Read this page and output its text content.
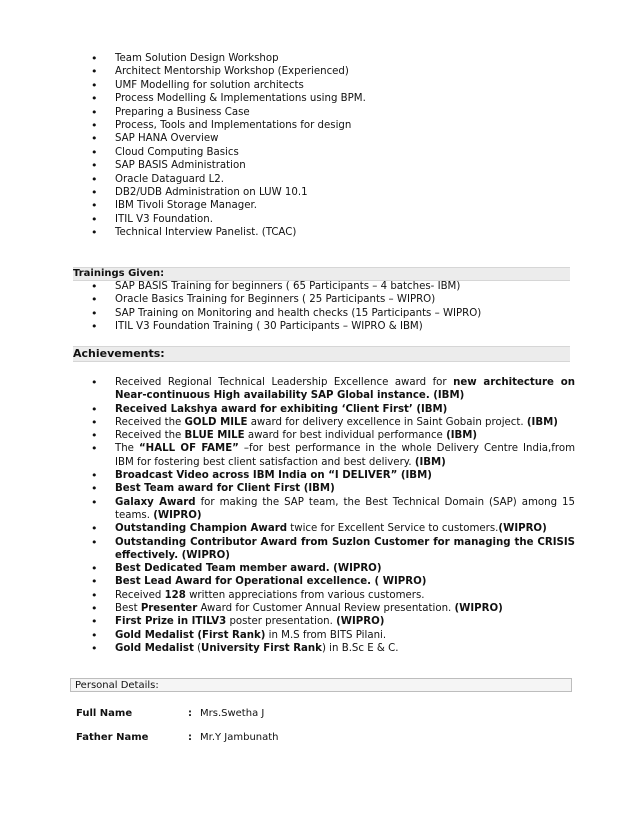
• Team Solution Design Workshop
• Architect Mentorship Workshop (Experienced)
• UMF Modelling for solution architects
• Process Modelling & Implementations using BPM.
• Preparing a Business Case
• Process, Tools and Implementations for design
• SAP HANA Overview
• Cloud Computing Basics
• SAP BASIS Administration
• Oracle Dataguard L2.
• DB2/UDB Administration on LUW 10.1
• IBM Tivoli Storage Manager.
• ITIL V3 Foundation.
• Technical Interview Panelist. (TCAC)
Trainings Given:
• SAP BASIS Training for beginners ( 65 Participants – 4 batches- IBM)
• Oracle Basics Training for Beginners ( 25 Participants – WIPRO)
• SAP Training on Monitoring and health checks (15 Participants – WIPRO)
• ITIL V3 Foundation Training ( 30 Participants – WIPRO & IBM)
Achievements:
• Received Regional Technical Leadership Excellence award for new architecture on Near-continuous High availability SAP Global instance. (IBM)
• Received Lakshya award for exhibiting ‘Client First’ (IBM)
• Received the GOLD MILE award for delivery excellence in Saint Gobain project. (IBM)
• Received the BLUE MILE award for best individual performance (IBM)
• The “HALL OF FAME” –for best performance in the whole Delivery Centre India,from IBM for fostering best client satisfaction and best delivery. (IBM)
• Broadcast Video across IBM India on “I DELIVER” (IBM)
• Best Team award for Client First (IBM)
• Galaxy Award for making the SAP team, the Best Technical Domain (SAP) among 15 teams. (WIPRO)
• Outstanding Champion Award twice for Excellent Service to customers.(WIPRO)
• Outstanding Contributor Award from Suzlon Customer for managing the CRISIS effectively. (WIPRO)
• Best Dedicated Team member award. (WIPRO)
• Best Lead Award for Operational excellence. ( WIPRO)
• Received 128 written appreciations from various customers.
• Best Presenter Award for Customer Annual Review presentation. (WIPRO)
• First Prize in ITILV3 poster presentation. (WIPRO)
• Gold Medalist (First Rank) in M.S from BITS Pilani.
• Gold Medalist (University First Rank) in B.Sc E & C.
Personal Details:
Full Name	: Mrs.Swetha J
Father Name	: Mr.Y Jambunath
